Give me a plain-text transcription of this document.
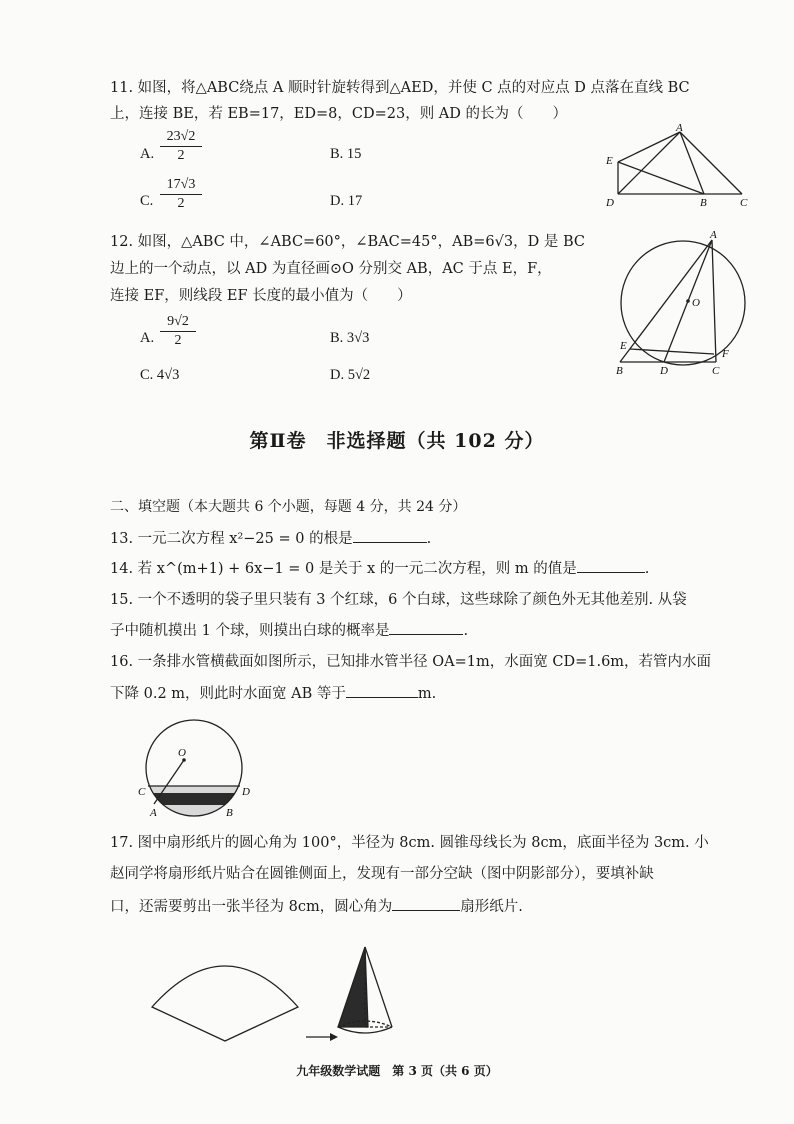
11. 如图，将△ABC绕点 A 顺时针旋转得到△AED，并使 C 点的对应点 D 点落在直线 BC
上，连接 BE，若 EB=17，ED=8，CD=23，则 AD 的长为（　　）
A. $\frac{23√2}{2}$	B. 15
C. $\frac{17√3}{2}$	D. 17
A
E
D	B	C
12. 如图，△ABC 中，∠ABC=60°，∠BAC=45°，AB=6√3，D 是 BC
边上的一个动点，以 AD 为直径画⊙O 分别交 AB，AC 于点 E，F，
连接 EF，则线段 EF 长度的最小值为（　　）
A. $\frac{9√2}{2}$	B. 3√3
C. 4√3	D. 5√2
A
O
E
F
B	D	C
第Ⅱ卷　非选择题（共 102 分）
二、填空题（本大题共 6 个小题，每题 4 分，共 24 分）
13. 一元二次方程 x²−25 = 0 的根是	.
14. 若 x^(m+1) + 6x−1 = 0 是关于 x 的一元二次方程，则 m 的值是	.
15. 一个不透明的袋子里只装有 3 个红球，6 个白球，这些球除了颜色外无其他差别. 从袋
子中随机摸出 1 个球，则摸出白球的概率是	.
16. 一条排水管横截面如图所示，已知排水管半径 OA=1m，水面宽 CD=1.6m，若管内水面
下降 0.2 m，则此时水面宽 AB 等于	m.
O
C	D
A	B
17. 图中扇形纸片的圆心角为 100°，半径为 8cm. 圆锥母线长为 8cm，底面半径为 3cm. 小
赵同学将扇形纸片贴合在圆锥侧面上，发现有一部分空缺（图中阴影部分），要填补缺
口，还需要剪出一张半径为 8cm，圆心角为	扇形纸片.
九年级数学试题　第 3 页（共 6 页）
